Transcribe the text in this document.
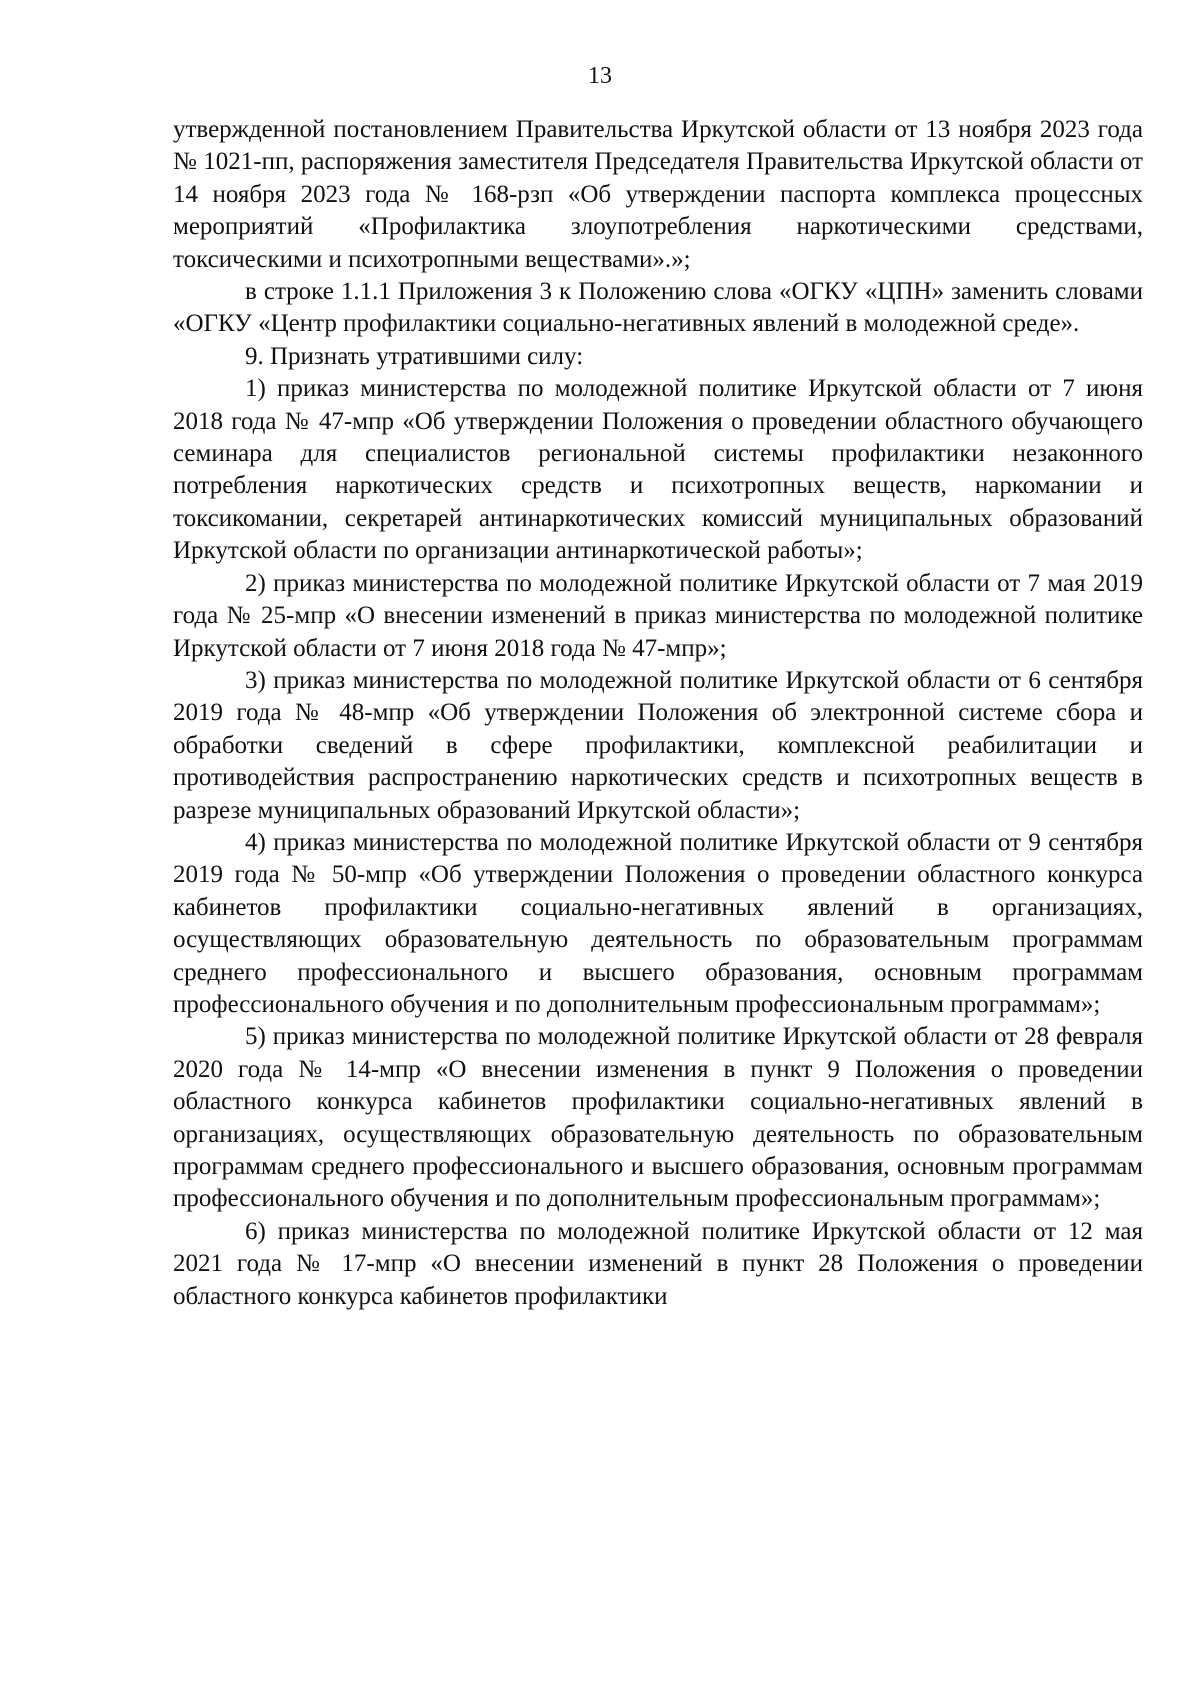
13

утвержденной постановлением Правительства Иркутской области от 13 ноября 2023 года № 1021-пп, распоряжения заместителя Председателя Правительства Иркутской области от 14 ноября 2023 года № 168-рзп «Об утверждении паспорта комплекса процессных мероприятий «Профилактика злоупотребления наркотическими средствами, токсическими и психотропными веществами».»;

в строке 1.1.1 Приложения 3 к Положению слова «ОГКУ «ЦПН» заменить словами «ОГКУ «Центр профилактики социально-негативных явлений в молодежной среде».

9. Признать утратившими силу:

1) приказ министерства по молодежной политике Иркутской области от 7 июня 2018 года № 47-мпр «Об утверждении Положения о проведении областного обучающего семинара для специалистов региональной системы профилактики незаконного потребления наркотических средств и психотропных веществ, наркомании и токсикомании, секретарей антинаркотических комиссий муниципальных образований Иркутской области по организации антинаркотической работы»;

2) приказ министерства по молодежной политике Иркутской области от 7 мая 2019 года № 25-мпр «О внесении изменений в приказ министерства по молодежной политике Иркутской области от 7 июня 2018 года № 47-мпр»;

3) приказ министерства по молодежной политике Иркутской области от 6 сентября 2019 года № 48-мпр «Об утверждении Положения об электронной системе сбора и обработки сведений в сфере профилактики, комплексной реабилитации и противодействия распространению наркотических средств и психотропных веществ в разрезе муниципальных образований Иркутской области»;

4) приказ министерства по молодежной политике Иркутской области от 9 сентября 2019 года № 50-мпр «Об утверждении Положения о проведении областного конкурса кабинетов профилактики социально-негативных явлений в организациях, осуществляющих образовательную деятельность по образовательным программам среднего профессионального и высшего образования, основным программам профессионального обучения и по дополнительным профессиональным программам»;

5) приказ министерства по молодежной политике Иркутской области от 28 февраля 2020 года № 14-мпр «О внесении изменения в пункт 9 Положения о проведении областного конкурса кабинетов профилактики социально-негативных явлений в организациях, осуществляющих образовательную деятельность по образовательным программам среднего профессионального и высшего образования, основным программам профессионального обучения и по дополнительным профессиональным программам»;

6) приказ министерства по молодежной политике Иркутской области от 12 мая 2021 года № 17-мпр «О внесении изменений в пункт 28 Положения о проведении областного конкурса кабинетов профилактики
